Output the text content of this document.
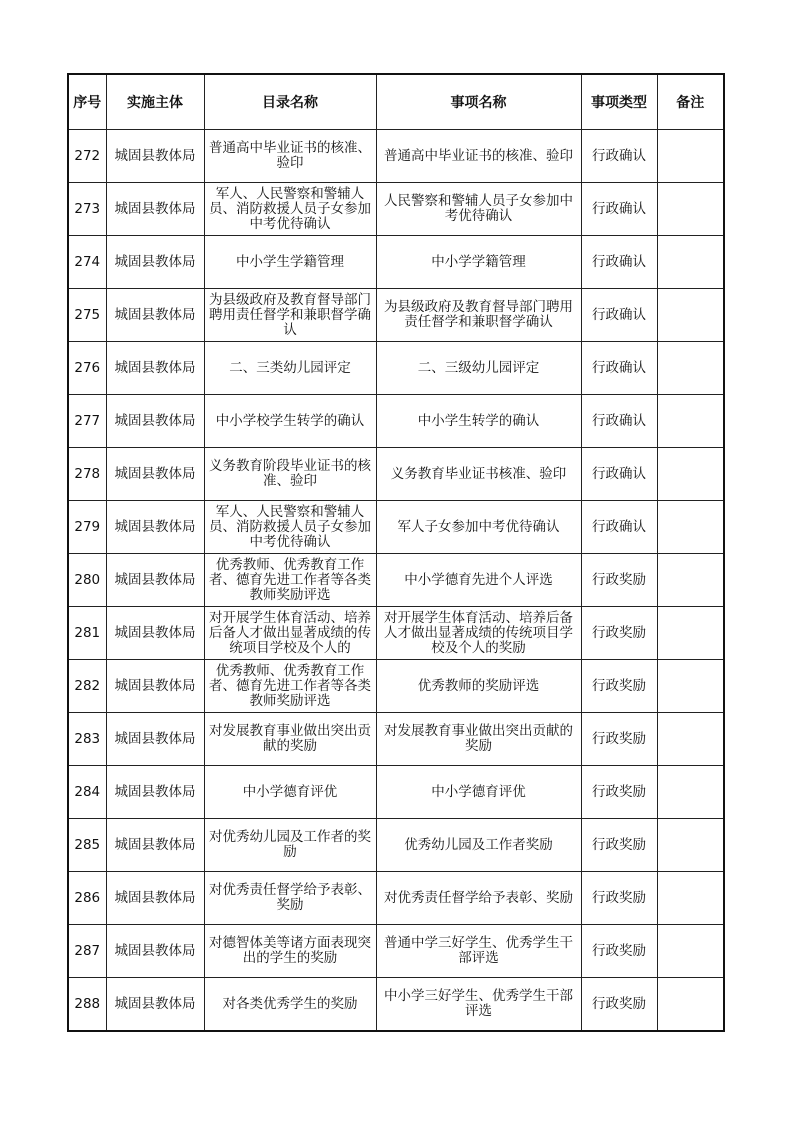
序号	实施主体	目录名称	事项名称	事项类型	备注
272	城固县教体局	普通高中毕业证书的核准、验印	普通高中毕业证书的核准、验印	行政确认	
273	城固县教体局	军人、人民警察和警辅人员、消防救援人员子女参加中考优待确认	人民警察和警辅人员子女参加中考优待确认	行政确认	
274	城固县教体局	中小学生学籍管理	中小学学籍管理	行政确认	
275	城固县教体局	为县级政府及教育督导部门聘用责任督学和兼职督学确认	为县级政府及教育督导部门聘用责任督学和兼职督学确认	行政确认	
276	城固县教体局	二、三类幼儿园评定	二、三级幼儿园评定	行政确认	
277	城固县教体局	中小学校学生转学的确认	中小学生转学的确认	行政确认	
278	城固县教体局	义务教育阶段毕业证书的核准、验印	义务教育毕业证书核准、验印	行政确认	
279	城固县教体局	军人、人民警察和警辅人员、消防救援人员子女参加中考优待确认	军人子女参加中考优待确认	行政确认	
280	城固县教体局	优秀教师、优秀教育工作者、德育先进工作者等各类教师奖励评选	中小学德育先进个人评选	行政奖励	
281	城固县教体局	对开展学生体育活动、培养后备人才做出显著成绩的传统项目学校及个人的	对开展学生体育活动、培养后备人才做出显著成绩的传统项目学校及个人的奖励	行政奖励	
282	城固县教体局	优秀教师、优秀教育工作者、德育先进工作者等各类教师奖励评选	优秀教师的奖励评选	行政奖励	
283	城固县教体局	对发展教育事业做出突出贡献的奖励	对发展教育事业做出突出贡献的奖励	行政奖励	
284	城固县教体局	中小学德育评优	中小学德育评优	行政奖励	
285	城固县教体局	对优秀幼儿园及工作者的奖励	优秀幼儿园及工作者奖励	行政奖励	
286	城固县教体局	对优秀责任督学给予表彰、奖励	对优秀责任督学给予表彰、奖励	行政奖励	
287	城固县教体局	对德智体美等诸方面表现突出的学生的奖励	普通中学三好学生、优秀学生干部评选	行政奖励	
288	城固县教体局	对各类优秀学生的奖励	中小学三好学生、优秀学生干部评选	行政奖励	
